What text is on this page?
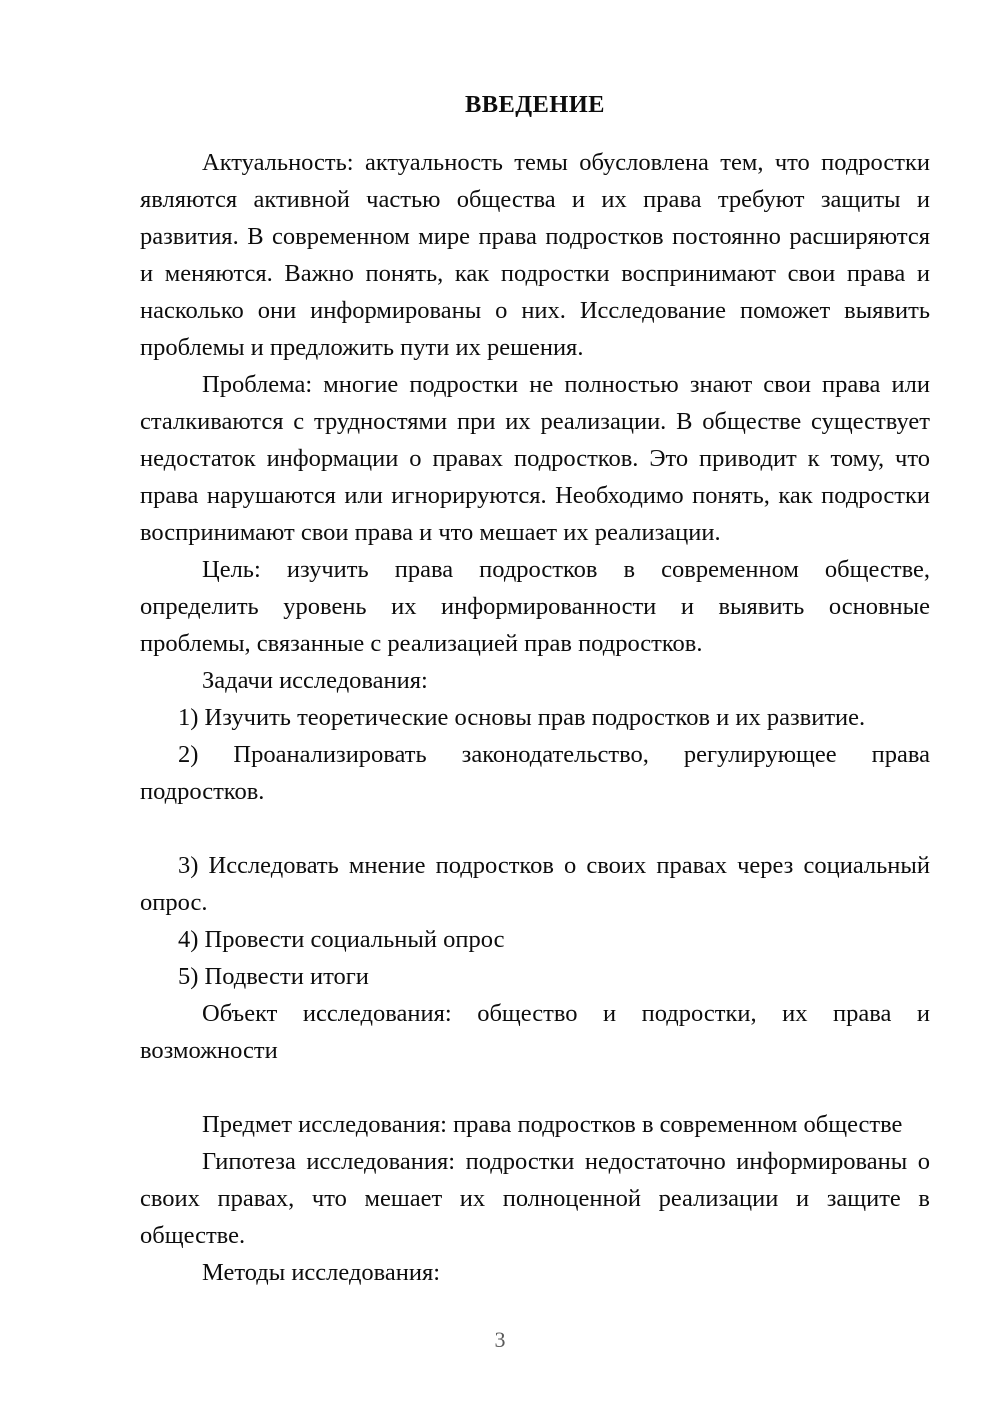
ВВЕДЕНИЕ

Актуальность: актуальность темы обусловлена тем, что подростки являются активной частью общества и их права требуют защиты и развития. В современном мире права подростков постоянно расширяются и меняются. Важно понять, как подростки воспринимают свои права и насколько они информированы о них. Исследование поможет выявить проблемы и предложить пути их решения.

Проблема: многие подростки не полностью знают свои права или сталкиваются с трудностями при их реализации. В обществе существует недостаток информации о правах подростков. Это приводит к тому, что права нарушаются или игнорируются. Необходимо понять, как подростки воспринимают свои права и что мешает их реализации.

Цель: изучить права подростков в современном обществе, определить уровень их информированности и выявить основные проблемы, связанные с реализацией прав подростков.

Задачи исследования:

1) Изучить теоретические основы прав подростков и их развитие.

2) Проанализировать законодательство, регулирующее права подростков.

3) Исследовать мнение подростков о своих правах через социальный опрос.

4) Провести социальный опрос

5) Подвести итоги

Объект исследования: общество и подростки, их права и возможности

Предмет исследования: права подростков в современном обществе

Гипотеза исследования: подростки недостаточно информированы о своих правах, что мешает их полноценной реализации и защите в обществе.

Методы исследования:

3
